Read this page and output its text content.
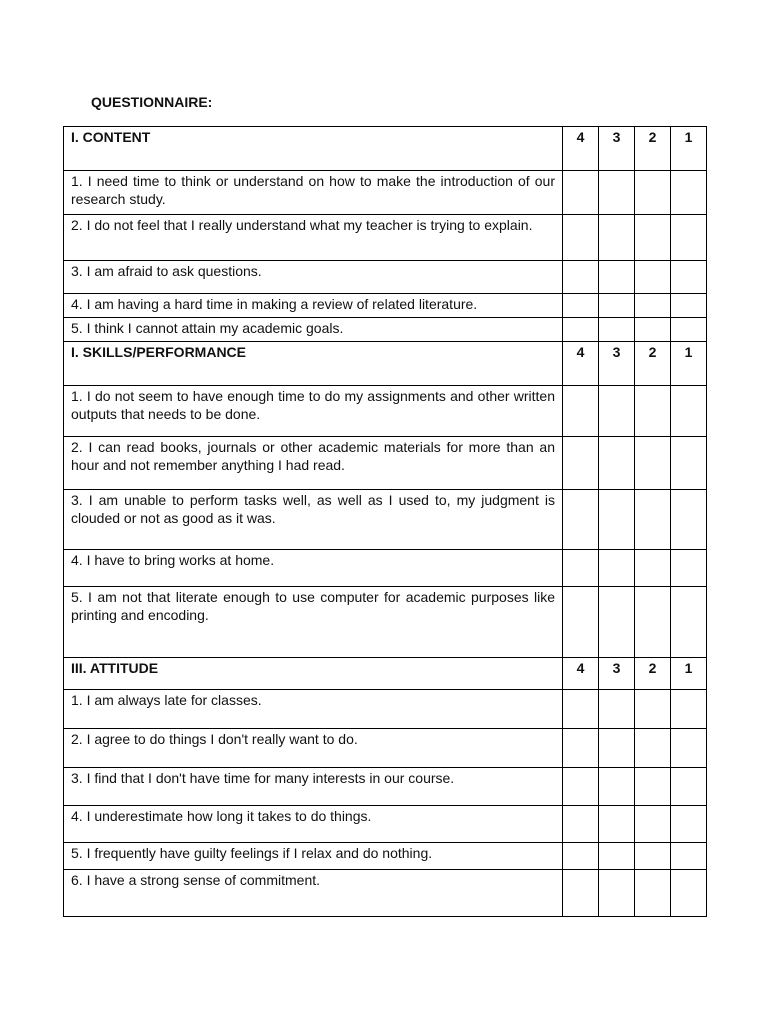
QUESTIONNAIRE:
I. CONTENT	4	3	2	1
1. I need time to think or understand on how to make the introduction of our research study.				
2. I do not feel that I really understand what my teacher is trying to explain.				
3. I am afraid to ask questions.				
4. I am having a hard time in making a review of related literature.				
5. I think I cannot attain my academic goals.				
I. SKILLS/PERFORMANCE	4	3	2	1
1. I do not seem to have enough time to do my assignments and other written outputs that needs to be done.				
2. I can read books, journals or other academic materials for more than an hour and not remember anything I had read.				
3. I am unable to perform tasks well, as well as I used to, my judgment is clouded or not as good as it was.				
4. I have to bring works at home.				
5. I am not that literate enough to use computer for academic purposes like printing and encoding.				
III. ATTITUDE	4	3	2	1
1. I am always late for classes.				
2. I agree to do things I don't really want to do.				
3. I find that I don't have time for many interests in our course.				
4. I underestimate how long it takes to do things.				
5. I frequently have guilty feelings if I relax and do nothing.				
6. I have a strong sense of commitment.				
